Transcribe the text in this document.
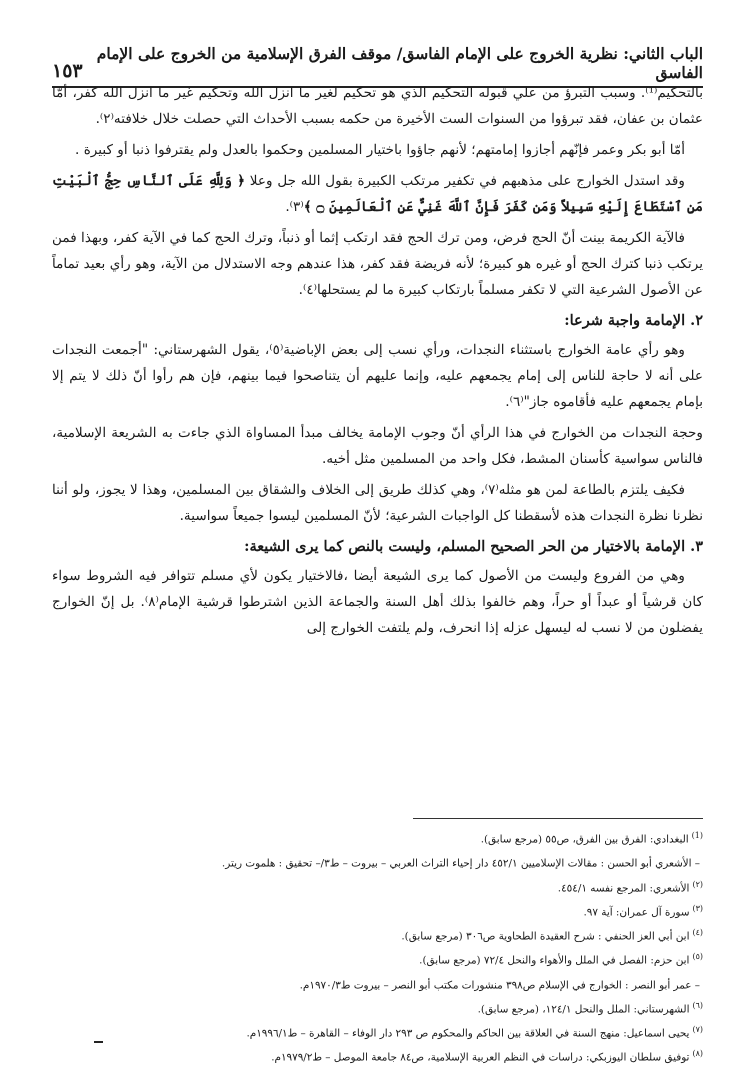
الباب الثاني: نظرية الخروج على الإمام الفاسق/ موقف الفرق الإسلامية من الخروج على الإمام الفاسق
١٥٣

بالتحكيم⁽¹⁾. وسبب التبرؤ من علي قبوله التحكيم الذي هو تحكيم لغير ما انزل الله وتحكيم غير ما انزل الله كفر، أمّا عثمان بن عفان، فقد تبرؤوا من السنوات الست الأخيرة من حكمه بسبب الأحداث التي حصلت خلال خلافته⁽٢⁾.

أمّا أبو بكر وعمر فإنّهم أجازوا إمامتهم؛ لأنهم جاؤوا باختيار المسلمين وحكموا بالعدل ولم يقترفوا ذنبا أو كبيرة .

وقد استدل الخوارج على مذهبهم في تكفير مرتكب الكبيرة بقول الله جل وعلا ﴿ وَلِلَّهِ عَلَى ٱلنَّاسِ حِجُّ ٱلْبَيْتِ مَنِ ٱسْتَطَاعَ إِلَيْهِ سَبِيلاً وَمَن كَفَرَ فَإِنَّ ٱللَّهَ غَنِيٌّ عَنِ ٱلْعَالَمِينَ ۝ ﴾⁽٣⁾.

فالآية الكريمة بينت أنّ الحج فرض، ومن ترك الحج فقد ارتكب إثما أو ذنباً، وترك الحج كما في الآية كفر، وبهذا فمن يرتكب ذنبا كترك الحج أو غيره هو كبيرة؛ لأنه فريضة فقد كفر، هذا عندهم وجه الاستدلال من الآية، وهو رأي بعيد تماماً عن الأصول الشرعية التي لا تكفر مسلماً بارتكاب كبيرة ما لم يستحلها⁽٤⁾.

٢. الإمامة واجبة شرعا:

وهو رأي عامة الخوارج باستثناء النجدات، ورأي نسب إلى بعض الإباضية⁽٥⁾، يقول الشهرستاني: "أجمعت النجدات على أنه لا حاجة للناس إلى إمام يجمعهم عليه، وإنما عليهم أن يتناصحوا فيما بينهم، فإن هم رأوا أنّ ذلك لا يتم إلا بإمام يجمعهم عليه فأقاموه جاز"⁽٦⁾.

وحجة النجدات من الخوارج في هذا الرأي أنّ وجوب الإمامة يخالف مبدأ المساواة الذي جاءت به الشريعة الإسلامية، فالناس سواسية كأسنان المشط، فكل واحد من المسلمين مثل أخيه.

فكيف يلتزم بالطاعة لمن هو مثله⁽٧⁾، وهي كذلك طريق إلى الخلاف والشقاق بين المسلمين، وهذا لا يجوز، ولو أننا نظرنا نظرة النجدات هذه لأسقطنا كل الواجبات الشرعية؛ لأنّ المسلمين ليسوا جميعاً سواسية.

٣. الإمامة بالاختيار من الحر الصحيح المسلم، وليست بالنص كما يرى الشيعة:

وهي من الفروع وليست من الأصول كما يرى الشيعة أيضا ،فالاختيار يكون لأي مسلم تتوافر فيه الشروط سواء كان قرشياً أو عبداً أو حراً، وهم خالفوا بذلك أهل السنة والجماعة الذين اشترطوا قرشية الإمام⁽٨⁾. بل إنّ الخوارج يفضلون من لا نسب له ليسهل عزله إذا انحرف، ولم يلتفت الخوارج إلى

$^{(1)}$البغدادي: الفرق بين الفرق، ص٥٥ (مرجع سابق).
– الأشعري أبو الحسن : مقالات الإسلاميين ٤٥٢/١ دار إحياء التراث العربي – بيروت – ط٣/– تحقيق : هلموت ريتر.
$^{(٢)}$الأشعري: المرجع نفسه ٤٥٤/١.
$^{(٣)}$سورة آل عمران: آية ٩٧.
$^{(٤)}$ابن أبي العز الحنفي : شرح العقيدة الطحاوية ص٣٠٦ (مرجع سابق).
$^{(٥)}$ابن حزم: الفصل في الملل والأهواء والنحل ٧٢/٤ (مرجع سابق).
– عمر أبو النصر : الخوارج في الإسلام ص٣٩٨ منشورات مكتب أبو النصر – بيروت ط١٩٧٠/٣م.
$^{(٦)}$الشهرستاني: الملل والنحل ١٢٤/١، (مرجع سابق).
$^{(٧)}$يحيى اسماعيل: منهج السنة في العلاقة بين الحاكم والمحكوم ص ٢٩٣ دار الوفاء – القاهرة – ط١٩٩٦/١م.
$^{(٨)}$توفيق سلطان اليوزبكي: دراسات في النظم العربية الإسلامية، ص٨٤ جامعة الموصل – ط١٩٧٩/٢م.
